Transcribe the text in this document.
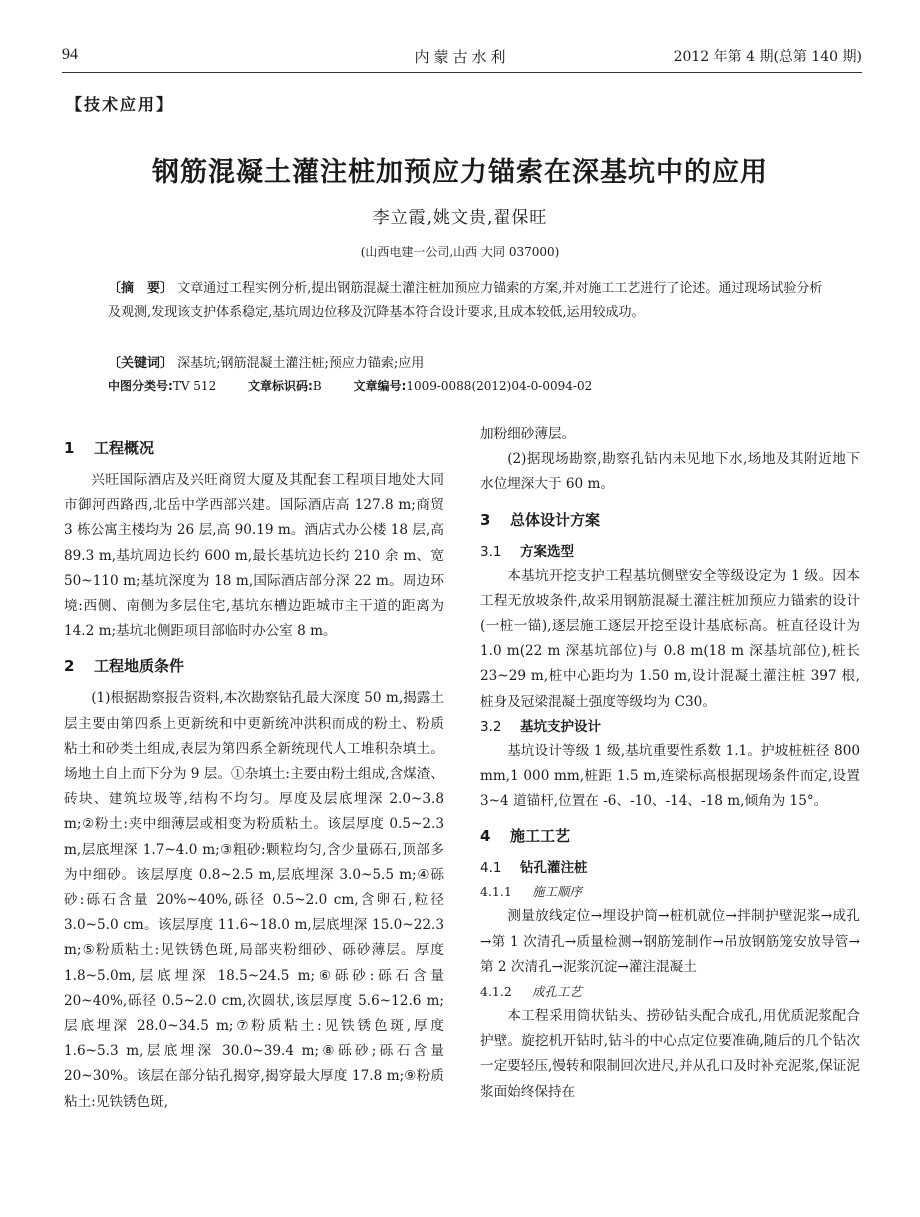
94	内蒙古水利	2012 年第 4 期(总第 140 期)
【技术应用】
钢筋混凝土灌注桩加预应力锚索在深基坑中的应用
李立霞,姚文贵,翟保旺
(山西电建一公司,山西 大同 037000)
〔摘　要〕 文章通过工程实例分析,提出钢筋混凝土灌注桩加预应力锚索的方案,并对施工工艺进行了论述。通过现场试验分析及观测,发现该支护体系稳定,基坑周边位移及沉降基本符合设计要求,且成本较低,运用较成功。
〔关键词〕 深基坑;钢筋混凝土灌注桩;预应力锚索;应用
中图分类号:TV 512	文章标识码:B	文章编号:1009-0088(2012)04-0-0094-02
1 工程概况

兴旺国际酒店及兴旺商贸大厦及其配套工程项目地处大同市御河西路西,北岳中学西部兴建。国际酒店高 127.8 m;商贸 3 栋公寓主楼均为 26 层,高 90.19 m。酒店式办公楼 18 层,高 89.3 m,基坑周边长约 600 m,最长基坑边长约 210 余 m、宽 50~110 m;基坑深度为 18 m,国际酒店部分深 22 m。周边环境:西侧、南侧为多层住宅,基坑东槽边距城市主干道的距离为 14.2 m;基坑北侧距项目部临时办公室 8 m。

2 工程地质条件

(1)根据勘察报告资料,本次勘察钻孔最大深度 50 m,揭露土层主要由第四系上更新统和中更新统冲洪积而成的粉土、粉质粘土和砂类土组成,表层为第四系全新统现代人工堆积杂填土。场地土自上而下分为 9 层。①杂填土:主要由粉土组成,含煤渣、砖块、建筑垃圾等,结构不均匀。厚度及层底埋深 2.0~3.8 m;②粉土:夹中细薄层或相变为粉质粘土。该层厚度 0.5~2.3 m,层底埋深 1.7~4.0 m;③粗砂:颗粒均匀,含少量砾石,顶部多为中细砂。该层厚度 0.8~2.5 m,层底埋深 3.0~5.5 m;④砾砂:砾石含量 20%~40%,砾径 0.5~2.0 cm,含卵石,粒径 3.0~5.0 cm。该层厚度 11.6~18.0 m,层底埋深 15.0~22.3 m;⑤粉质粘土:见铁锈色斑,局部夹粉细砂、砾砂薄层。厚度 1.8~5.0m,层底埋深 18.5~24.5 m;⑥砾砂:砾石含量 20~40%,砾径 0.5~2.0 cm,次圆状,该层厚度 5.6~12.6 m;层底埋深 28.0~34.5 m;⑦粉质粘土:见铁锈色斑,厚度 1.6~5.3 m,层底埋深 30.0~39.4 m;⑧砾砂;砾石含量 20~30%。该层在部分钻孔揭穿,揭穿最大厚度 17.8 m;⑨粉质粘土:见铁锈色斑,

加粉细砂薄层。

(2)据现场勘察,勘察孔钻内未见地下水,场地及其附近地下水位埋深大于 60 m。

3 总体设计方案
3.1 方案选型

本基坑开挖支护工程基坑侧壁安全等级设定为 1 级。因本工程无放坡条件,故采用钢筋混凝土灌注桩加预应力锚索的设计(一桩一锚),逐层施工逐层开挖至设计基底标高。桩直径设计为 1.0 m(22 m 深基坑部位)与 0.8 m(18 m 深基坑部位),桩长 23~29 m,桩中心距均为 1.50 m,设计混凝土灌注桩 397 根,桩身及冠梁混凝土强度等级均为 C30。

3.2 基坑支护设计

基坑设计等级 1 级,基坑重要性系数 1.1。护坡桩桩径 800 mm,1 000 mm,桩距 1.5 m,连梁标高根据现场条件而定,设置 3~4 道锚杆,位置在 -6、-10、-14、-18 m,倾角为 15°。

4 施工工艺
4.1 钻孔灌注桩
4.1.1 施工顺序

测量放线定位→埋设护筒→桩机就位→拌制护壁泥浆→成孔→第 1 次清孔→质量检测→钢筋笼制作→吊放钢筋笼安放导管→第 2 次清孔→泥浆沉淀→灌注混凝土

4.1.2 成孔工艺

本工程采用筒状钻头、捞砂钻头配合成孔,用优质泥浆配合护壁。旋挖机开钻时,钻斗的中心点定位要准确,随后的几个钻次一定要轻压,慢转和限制回次进尺,并从孔口及时补充泥浆,保证泥浆面始终保持在
